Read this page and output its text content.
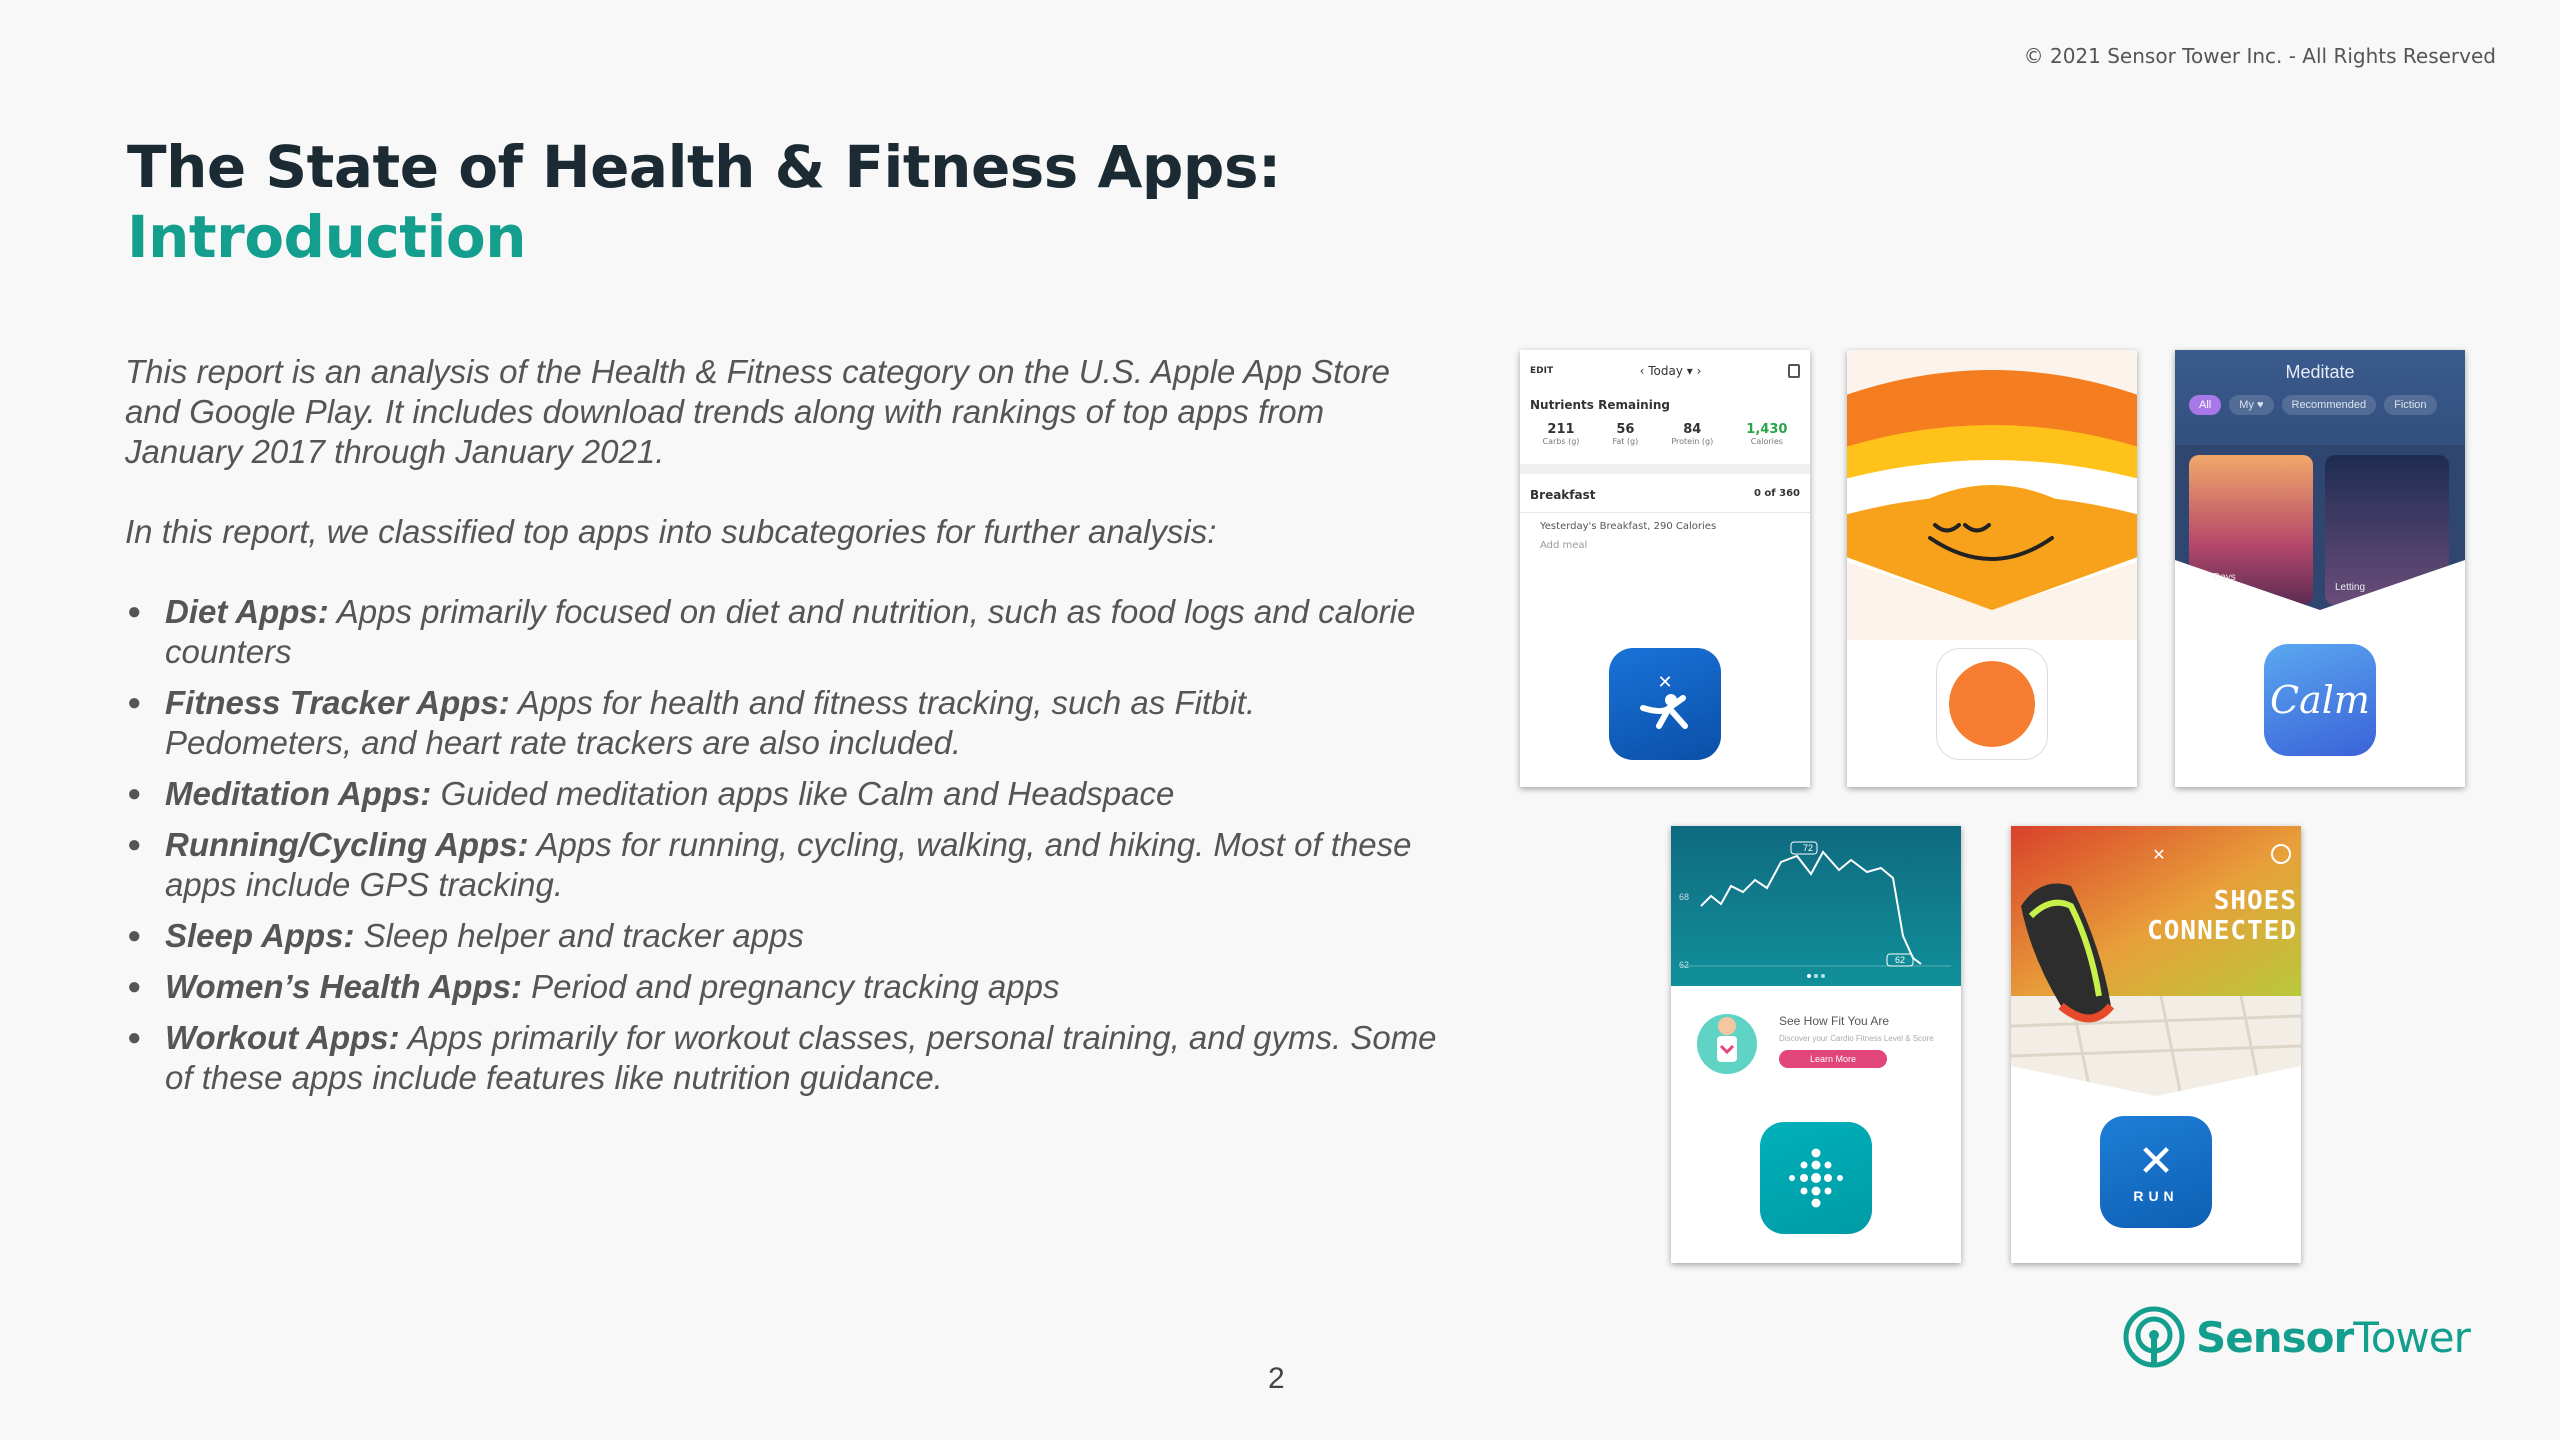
© 2021 Sensor Tower Inc. - All Rights Reserved
The State of Health & Fitness Apps:
Introduction

This report is an analysis of the Health & Fitness category on the U.S. Apple App Store and Google Play. It includes download trends along with rankings of top apps from January 2017 through January 2021.

In this report, we classified top apps into subcategories for further analysis:

● Diet Apps: Apps primarily focused on diet and nutrition, such as food logs and calorie counters
● Fitness Tracker Apps: Apps for health and fitness tracking, such as Fitbit. Pedometers, and heart rate trackers are also included.
● Meditation Apps: Guided meditation apps like Calm and Headspace
● Running/Cycling Apps: Apps for running, cycling, walking, and hiking. Most of these apps include GPS tracking.
● Sleep Apps: Sleep helper and tracker apps
● Women’s Health Apps: Period and pregnancy tracking apps
● Workout Apps: Apps primarily for workout classes, personal training, and gyms. Some of these apps include features like nutrition guidance.
EDIT	‹ Today ▾ ›
Nutrients Remaining
211
Carbs (g)
56
Fat (g)
84
Protein (g)
1,430
Calories
Breakfast	0 of 360
Yesterday's Breakfast, 290 Calories
Add meal
✕
Meditate
All	My ♥	Recommended	Fiction
Days
Letting
Calm
72
68
62	62
See How Fit You Are
Discover your Cardio Fitness Level & Score
Learn More
✕
SHOES
CONNECTED
✕
RUN
2
SensorTower
